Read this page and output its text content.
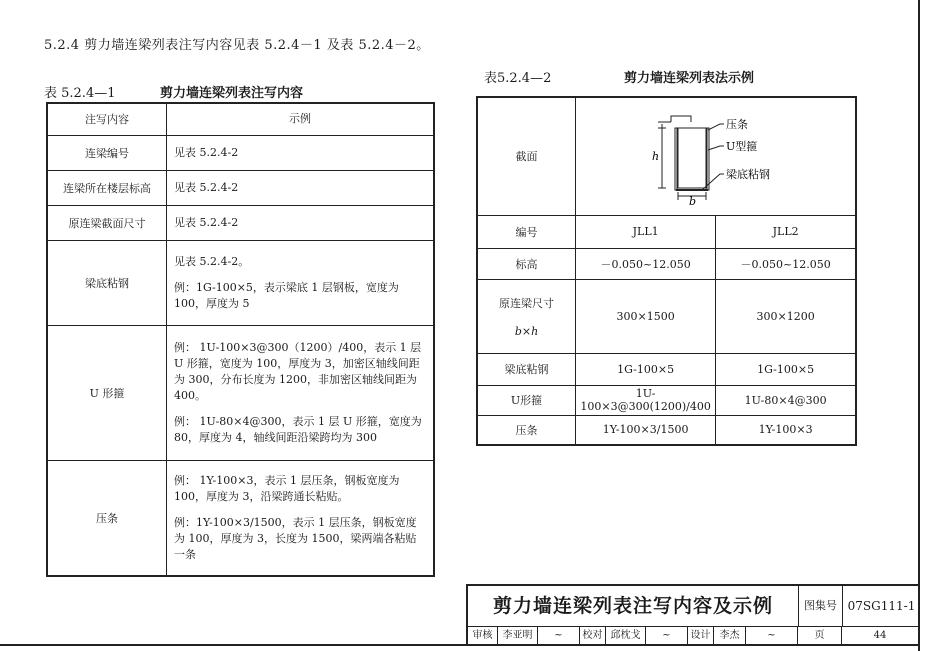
5.2.4 剪力墙连梁列表注写内容见表 5.2.4－1 及表 5.2.4－2。
表 5.2.4—1	剪力墙连梁列表注写内容
注写内容	示例
连梁编号	见表 5.2.4-2

连梁所在楼层标高	见表 5.2.4-2

原连梁截面尺寸	见表 5.2.4-2

梁底粘钢	见表 5.2.4-2。

例：1G-100×5，表示梁底 1 层钢板，宽度为 100，厚度为 5

U 形箍	例： 1U-100×3@300（1200）/400，表示 1 层 U 形箍，宽度为 100，厚度为 3，加密区轴线间距为 300，分布长度为 1200，非加密区轴线间距为 400。

例： 1U-80×4@300，表示 1 层 U 形箍，宽度为 80，厚度为 4，轴线间距沿梁跨均为 300

压条	例： 1Y-100×3，表示 1 层压条，钢板宽度为 100，厚度为 3，沿梁跨通长粘贴。

例：1Y-100×3/1500，表示 1 层压条，钢板宽度为 100，厚度为 3，长度为 1500，梁两端各粘贴一条

表5.2.4—2	剪力墙连梁列表法示例
截面	h
b
压条
U型箍
梁底粘钢	

编号	JLL1	JLL2
标高	－0.050~12.050	－0.050~12.050
原连梁尺寸
b×h	300×1500	300×1200
梁底粘钢	1G-100×5	1G-100×5
U形箍	1U-100×3@300(1200)/400	1U-80×4@300
压条	1Y-100×3/1500	1Y-100×3
剪力墙连梁列表注写内容及示例	图集号 07SG111-1
审核	李亚明	~	校对 邱枕戈	~	设计 李杰	~	页	44
